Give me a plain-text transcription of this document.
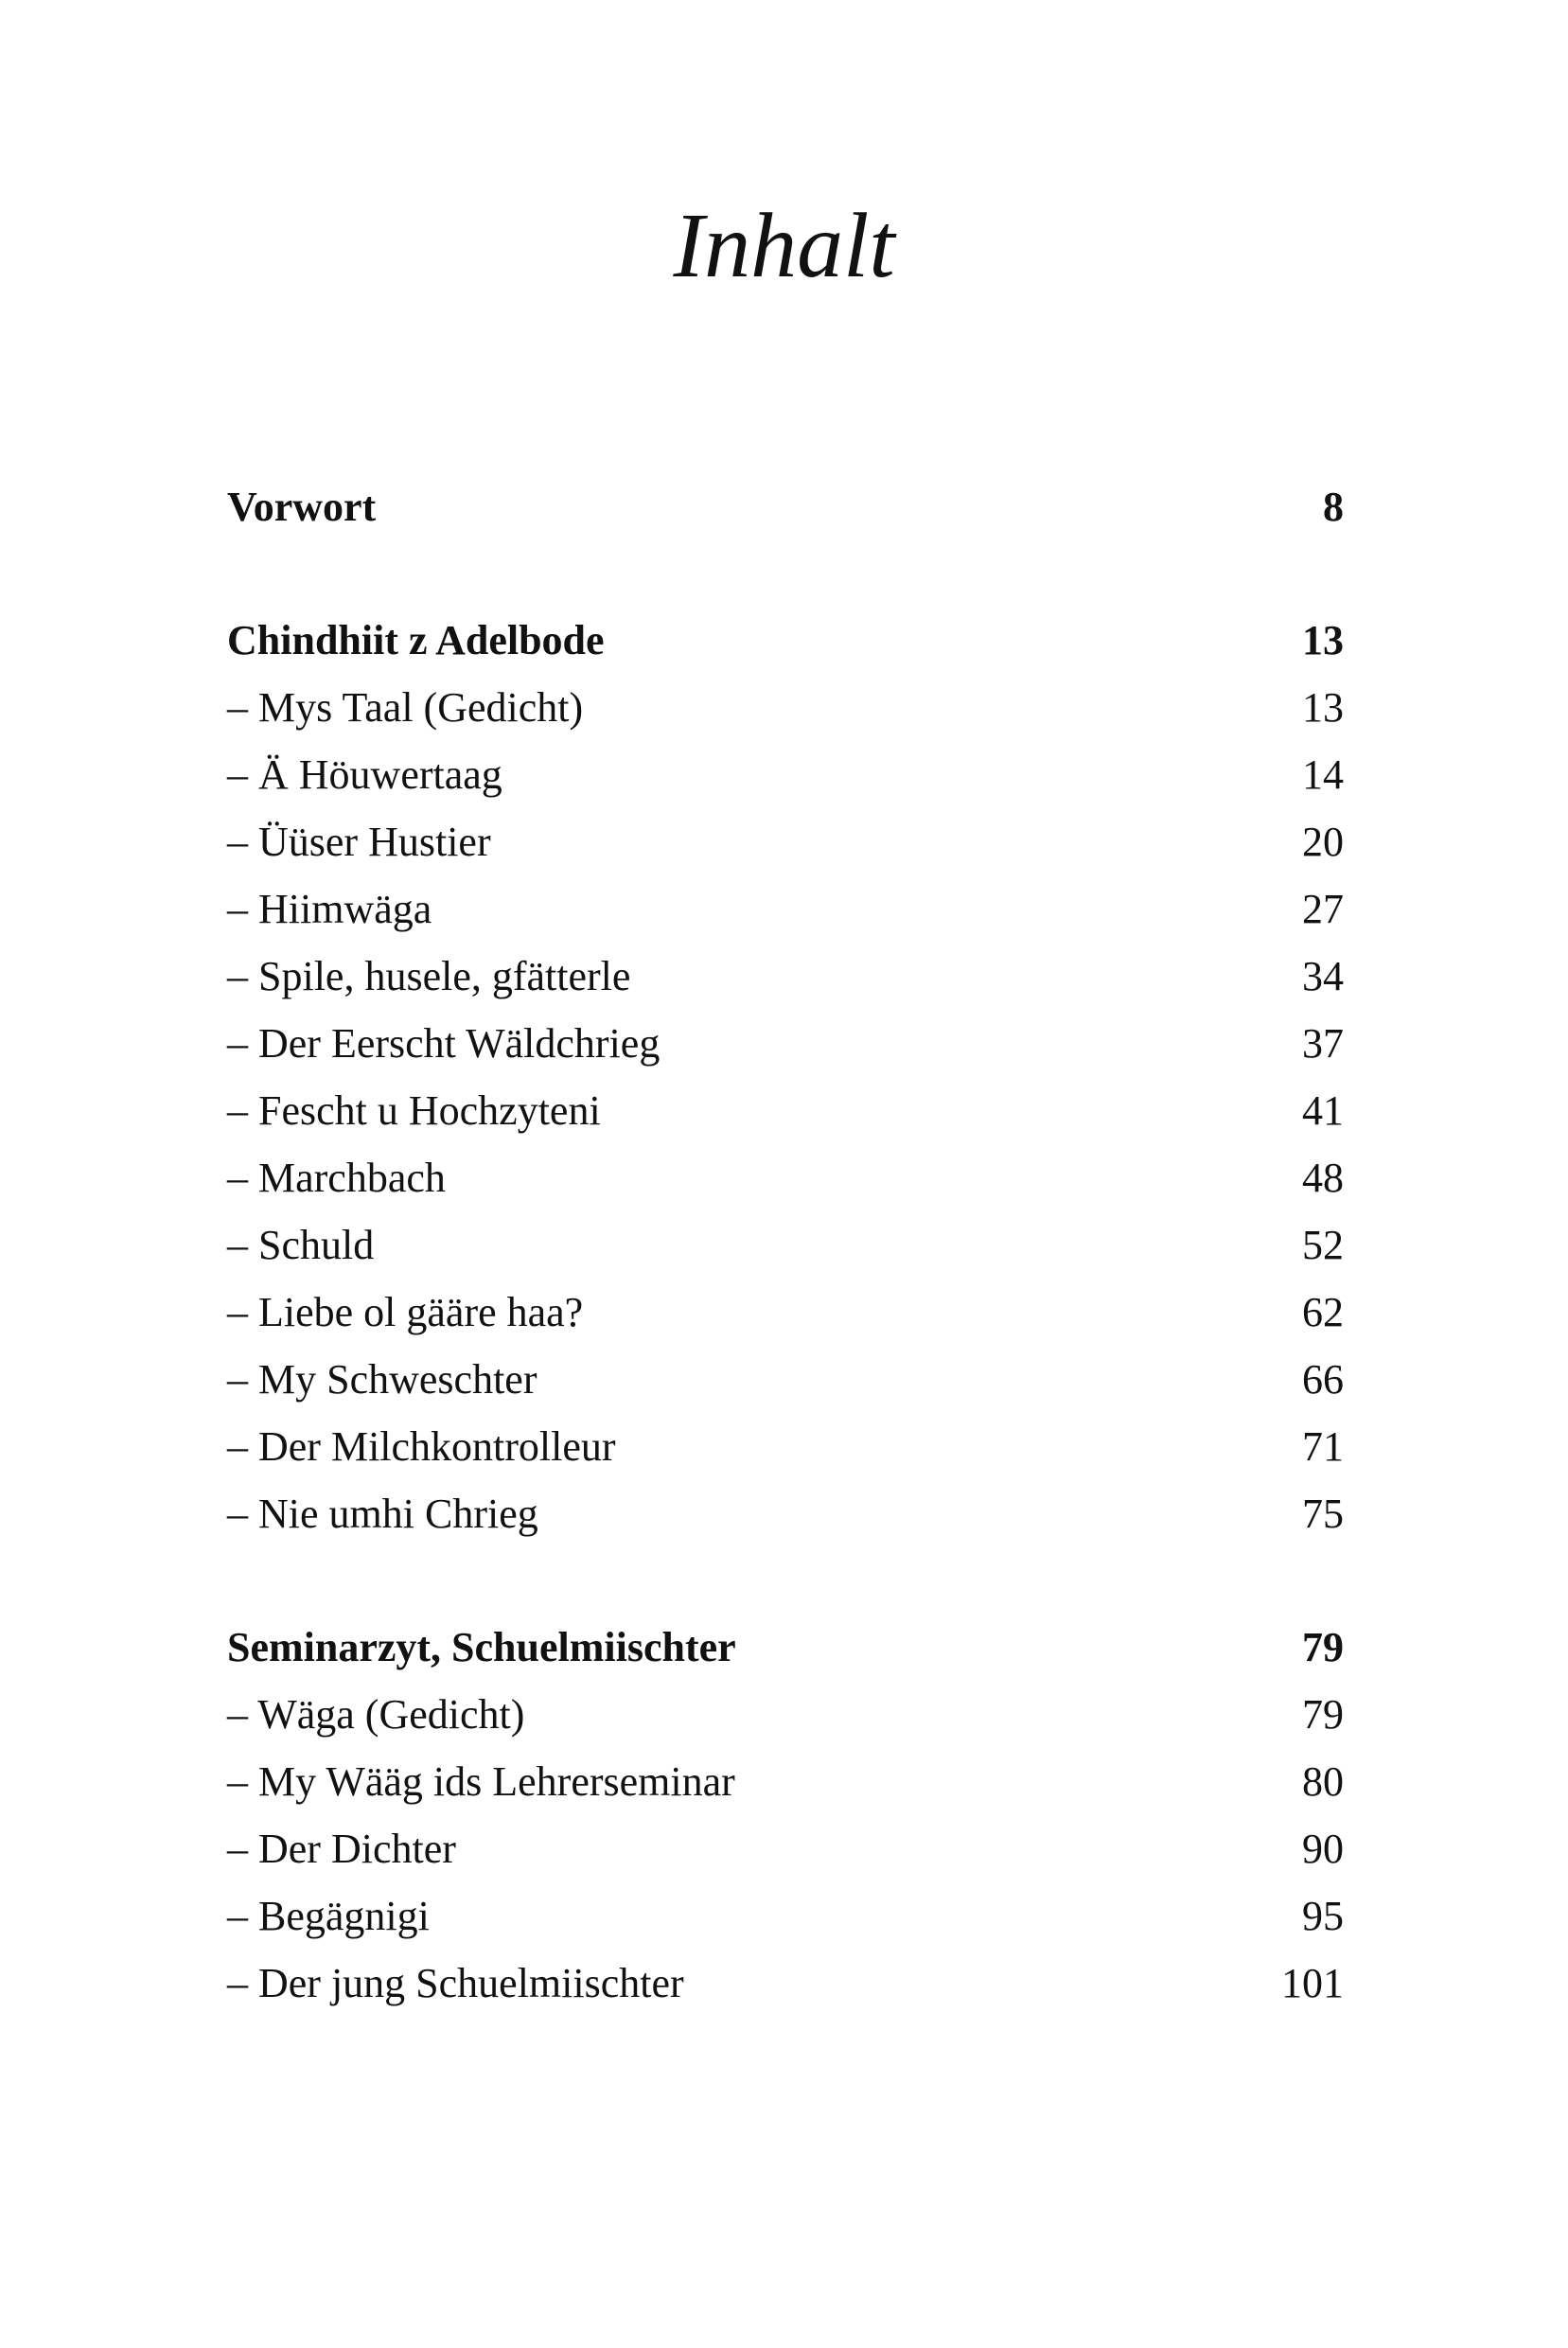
Inhalt
Vorwort	8
Chindhiit z Adelbode	13
– Mys Taal (Gedicht)	13
– Ä Höuwertaag	14
– Üüser Hustier	20
– Hiimwäga	27
– Spile, husele, gfätterle	34
– Der Eerscht Wäldchrieg	37
– Fescht u Hochzyteni	41
– Marchbach	48
– Schuld	52
– Liebe ol gääre haa?	62
– My Schweschter	66
– Der Milchkontrolleur	71
– Nie umhi Chrieg	75
Seminarzyt, Schuelmiischter	79
– Wäga (Gedicht)	79
– My Wääg ids Lehrerseminar	80
– Der Dichter	90
– Begägnigi	95
– Der jung Schuelmiischter	101
